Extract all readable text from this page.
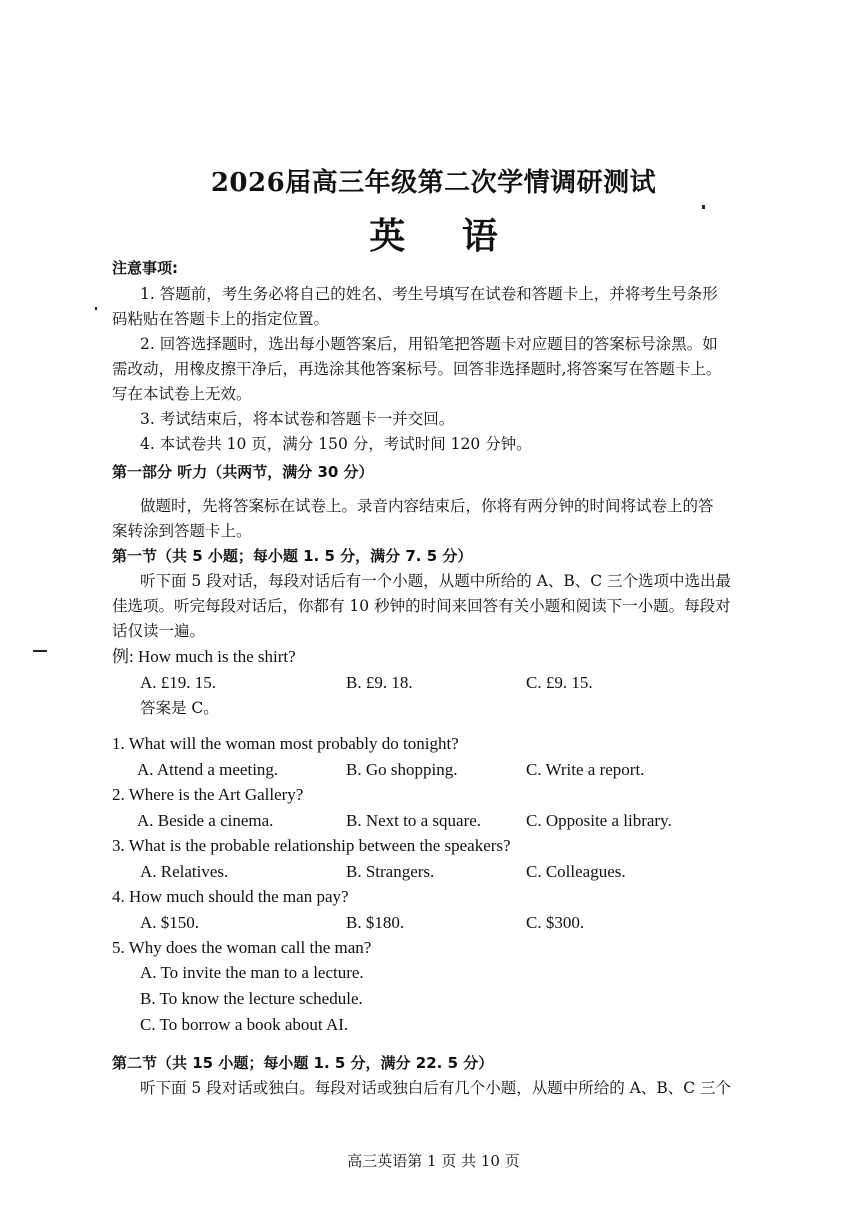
2026届高三年级第二次学情调研测试
英 语
注意事项:
1. 答题前，考生务必将自己的姓名、考生号填写在试卷和答题卡上，并将考生号条形
码粘贴在答题卡上的指定位置。
2. 回答选择题时，选出每小题答案后，用铅笔把答题卡对应题目的答案标号涂黑。如
需改动，用橡皮擦干净后，再选涂其他答案标号。回答非选择题时,将答案写在答题卡上。
写在本试卷上无效。
3. 考试结束后，将本试卷和答题卡一并交回。
4. 本试卷共 10 页，满分 150 分，考试时间 120 分钟。
第一部分 听力（共两节，满分 30 分）
做题时，先将答案标在试卷上。录音内容结束后，你将有两分钟的时间将试卷上的答
案转涂到答题卡上。
第一节（共 5 小题；每小题 1. 5 分，满分 7. 5 分）
听下面 5 段对话，每段对话后有一个小题，从题中所给的 A、B、C 三个选项中选出最
佳选项。听完每段对话后，你都有 10 秒钟的时间来回答有关小题和阅读下一小题。每段对
话仅读一遍。
例: How much is the shirt?
A. £19. 15.	B. £9. 18.	C. £9. 15.
答案是 C。
1. What will the woman most probably do tonight?
A. Attend a meeting.	B. Go shopping.	C. Write a report.
2. Where is the Art Gallery?
A. Beside a cinema.	B. Next to a square.	C. Opposite a library.
3. What is the probable relationship between the speakers?
A. Relatives.	B. Strangers.	C. Colleagues.
4. How much should the man pay?
A. $150.	B. $180.	C. $300.
5. Why does the woman call the man?
A. To invite the man to a lecture.
B. To know the lecture schedule.
C. To borrow a book about AI.
第二节（共 15 小题；每小题 1. 5 分，满分 22. 5 分）
听下面 5 段对话或独白。每段对话或独白后有几个小题，从题中所给的 A、B、C 三个
高三英语第 1 页 共 10 页
